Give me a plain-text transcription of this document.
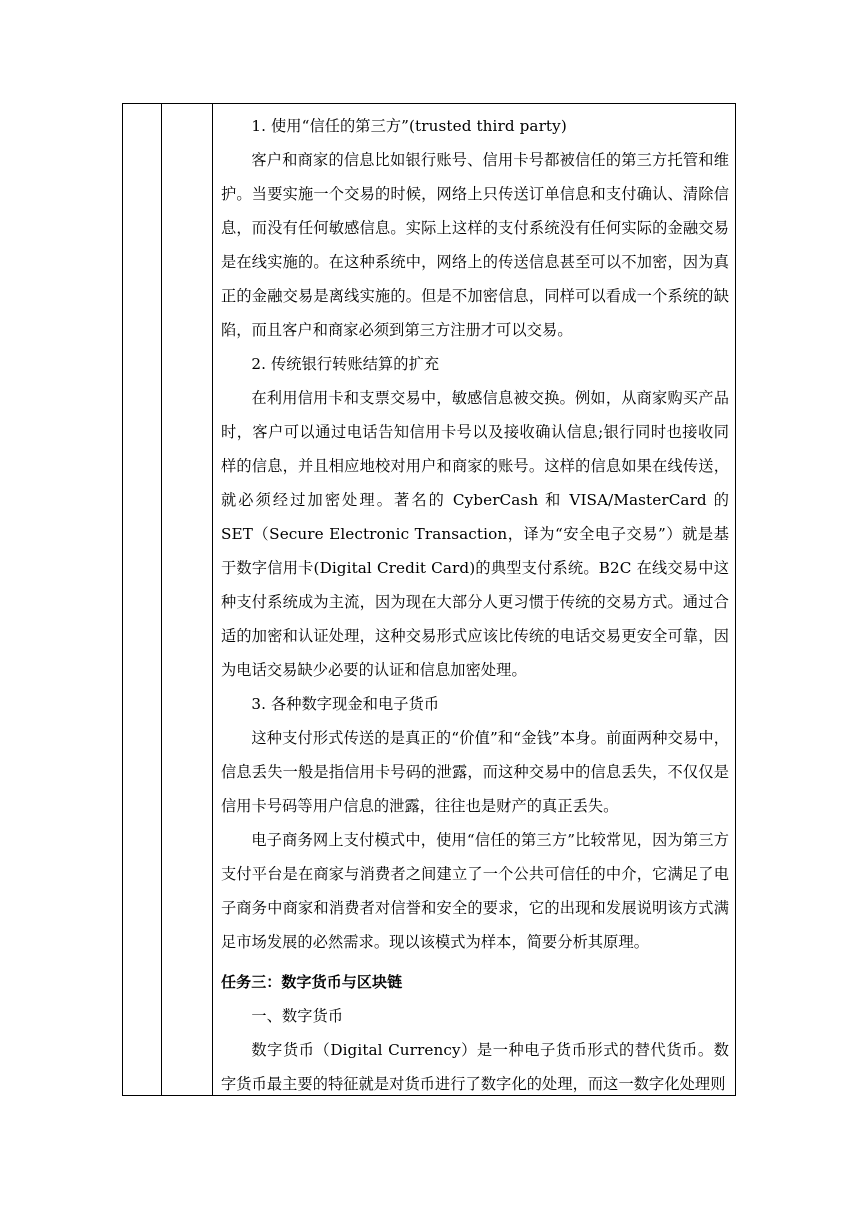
1. 使用“信任的第三方”(trusted third party)

客户和商家的信息比如银行账号、信用卡号都被信任的第三方托管和维护。当要实施一个交易的时候，网络上只传送订单信息和支付确认、清除信息，而没有任何敏感信息。实际上这样的支付系统没有任何实际的金融交易是在线实施的。在这种系统中，网络上的传送信息甚至可以不加密，因为真正的金融交易是离线实施的。但是不加密信息，同样可以看成一个系统的缺陷，而且客户和商家必须到第三方注册才可以交易。

2. 传统银行转账结算的扩充

在利用信用卡和支票交易中，敏感信息被交换。例如，从商家购买产品时，客户可以通过电话告知信用卡号以及接收确认信息;银行同时也接收同样的信息，并且相应地校对用户和商家的账号。这样的信息如果在线传送，就必须经过加密处理。著名的 CyberCash 和 VISA/MasterCard 的 SET（Secure Electronic Transaction，译为“安全电子交易”）就是基于数字信用卡(Digital Credit Card)的典型支付系统。B2C 在线交易中这种支付系统成为主流，因为现在大部分人更习惯于传统的交易方式。通过合适的加密和认证处理，这种交易形式应该比传统的电话交易更安全可靠，因为电话交易缺少必要的认证和信息加密处理。

3. 各种数字现金和电子货币

这种支付形式传送的是真正的“价值”和“金钱”本身。前面两种交易中，信息丢失一般是指信用卡号码的泄露，而这种交易中的信息丢失，不仅仅是信用卡号码等用户信息的泄露，往往也是财产的真正丢失。

电子商务网上支付模式中，使用“信任的第三方”比较常见，因为第三方支付平台是在商家与消费者之间建立了一个公共可信任的中介，它满足了电子商务中商家和消费者对信誉和安全的要求，它的出现和发展说明该方式满足市场发展的必然需求。现以该模式为样本，简要分析其原理。

任务三：数字货币与区块链

一、数字货币

数字货币（Digital Currency）是一种电子货币形式的替代货币。数字货币最主要的特征就是对货币进行了数字化的处理，而这一数字化处理则
